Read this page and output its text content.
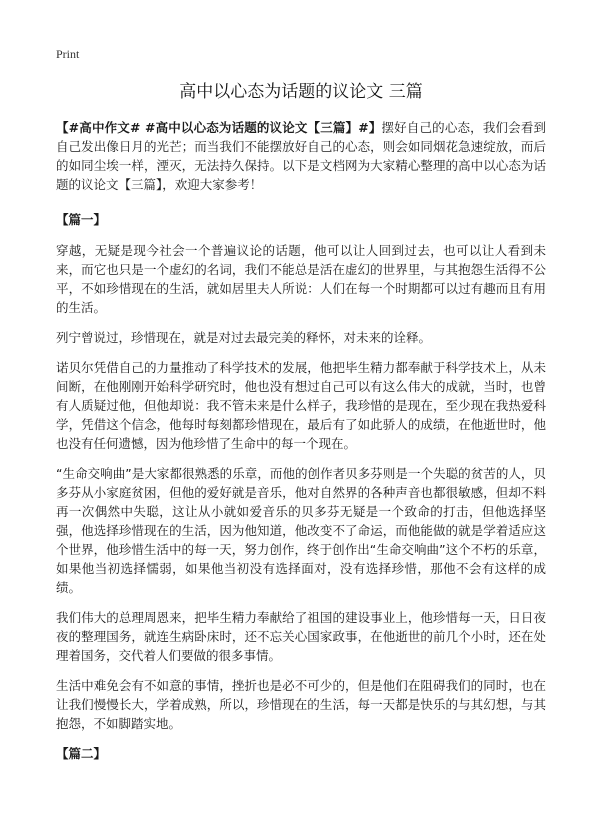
Print
高中以心态为话题的议论文 三篇

【#高中作文# #高中以心态为话题的议论文【三篇】#】摆好自己的心态，我们会看到自己发出像日月的光芒；而当我们不能摆放好自己的心态，则会如同烟花急速绽放，而后的如同尘埃一样，湮灭，无法持久保持。以下是文档网为大家精心整理的高中以心态为话题的议论文【三篇】，欢迎大家参考！

【篇一】

穿越，无疑是现今社会一个普遍议论的话题，他可以让人回到过去，也可以让人看到未来，而它也只是一个虚幻的名词，我们不能总是活在虚幻的世界里，与其抱怨生活得不公平，不如珍惜现在的生活，就如居里夫人所说：人们在每一个时期都可以过有趣而且有用的生活。

列宁曾说过，珍惜现在，就是对过去最完美的释怀，对未来的诠释。

诺贝尔凭借自己的力量推动了科学技术的发展，他把毕生精力都奉献于科学技术上，从未间断，在他刚刚开始科学研究时，他也没有想过自己可以有这么伟大的成就，当时，也曾有人质疑过他，但他却说：我不管未来是什么样子，我珍惜的是现在，至少现在我热爱科学，凭借这个信念，他每时每刻都珍惜现在，最后有了如此骄人的成绩，在他逝世时，他也没有任何遗憾，因为他珍惜了生命中的每一个现在。

“生命交响曲”是大家都很熟悉的乐章，而他的创作者贝多芬则是一个失聪的贫苦的人，贝多芬从小家庭贫困，但他的爱好就是音乐，他对自然界的各种声音也都很敏感，但却不料再一次偶然中失聪，这让从小就如爱音乐的贝多芬无疑是一个致命的打击，但他选择坚强，他选择珍惜现在的生活，因为他知道，他改变不了命运，而他能做的就是学着适应这个世界，他珍惜生活中的每一天，努力创作，终于创作出“生命交响曲”这个不朽的乐章，如果他当初选择懦弱，如果他当初没有选择面对，没有选择珍惜，那他不会有这样的成绩。

我们伟大的总理周恩来，把毕生精力奉献给了祖国的建设事业上，他珍惜每一天，日日夜夜的整理国务，就连生病卧床时，还不忘关心国家政事，在他逝世的前几个小时，还在处理着国务，交代着人们要做的很多事情。

生活中难免会有不如意的事情，挫折也是必不可少的，但是他们在阻碍我们的同时，也在让我们慢慢长大，学着成熟，所以，珍惜现在的生活，每一天都是快乐的与其幻想，与其抱怨，不如脚踏实地。

【篇二】
